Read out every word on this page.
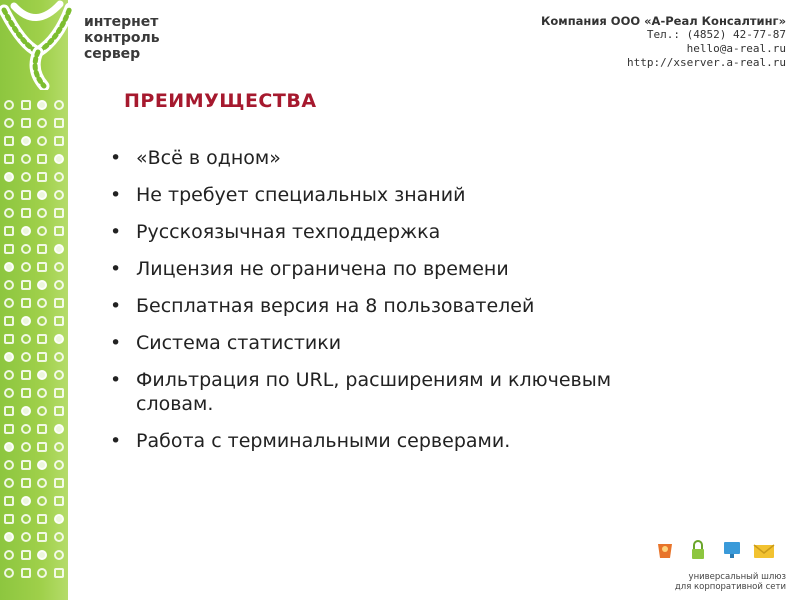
интернет
контроль
сервер
Компания ООО «А-Реал Консалтинг»
Тел.: (4852) 42-77-87
hello@a-real.ru
http://xserver.a-real.ru
ПРЕИМУЩЕСТВА
• «Всё в одном»
• Не требует специальных знаний
• Русскоязычная техподдержка
• Лицензия не ограничена по времени
• Бесплатная версия на 8 пользователей
• Система статистики
• Фильтрация по URL, расширениям и ключевым словам.
• Работа с терминальными серверами.
универсальный шлюз
для корпоративной сети
